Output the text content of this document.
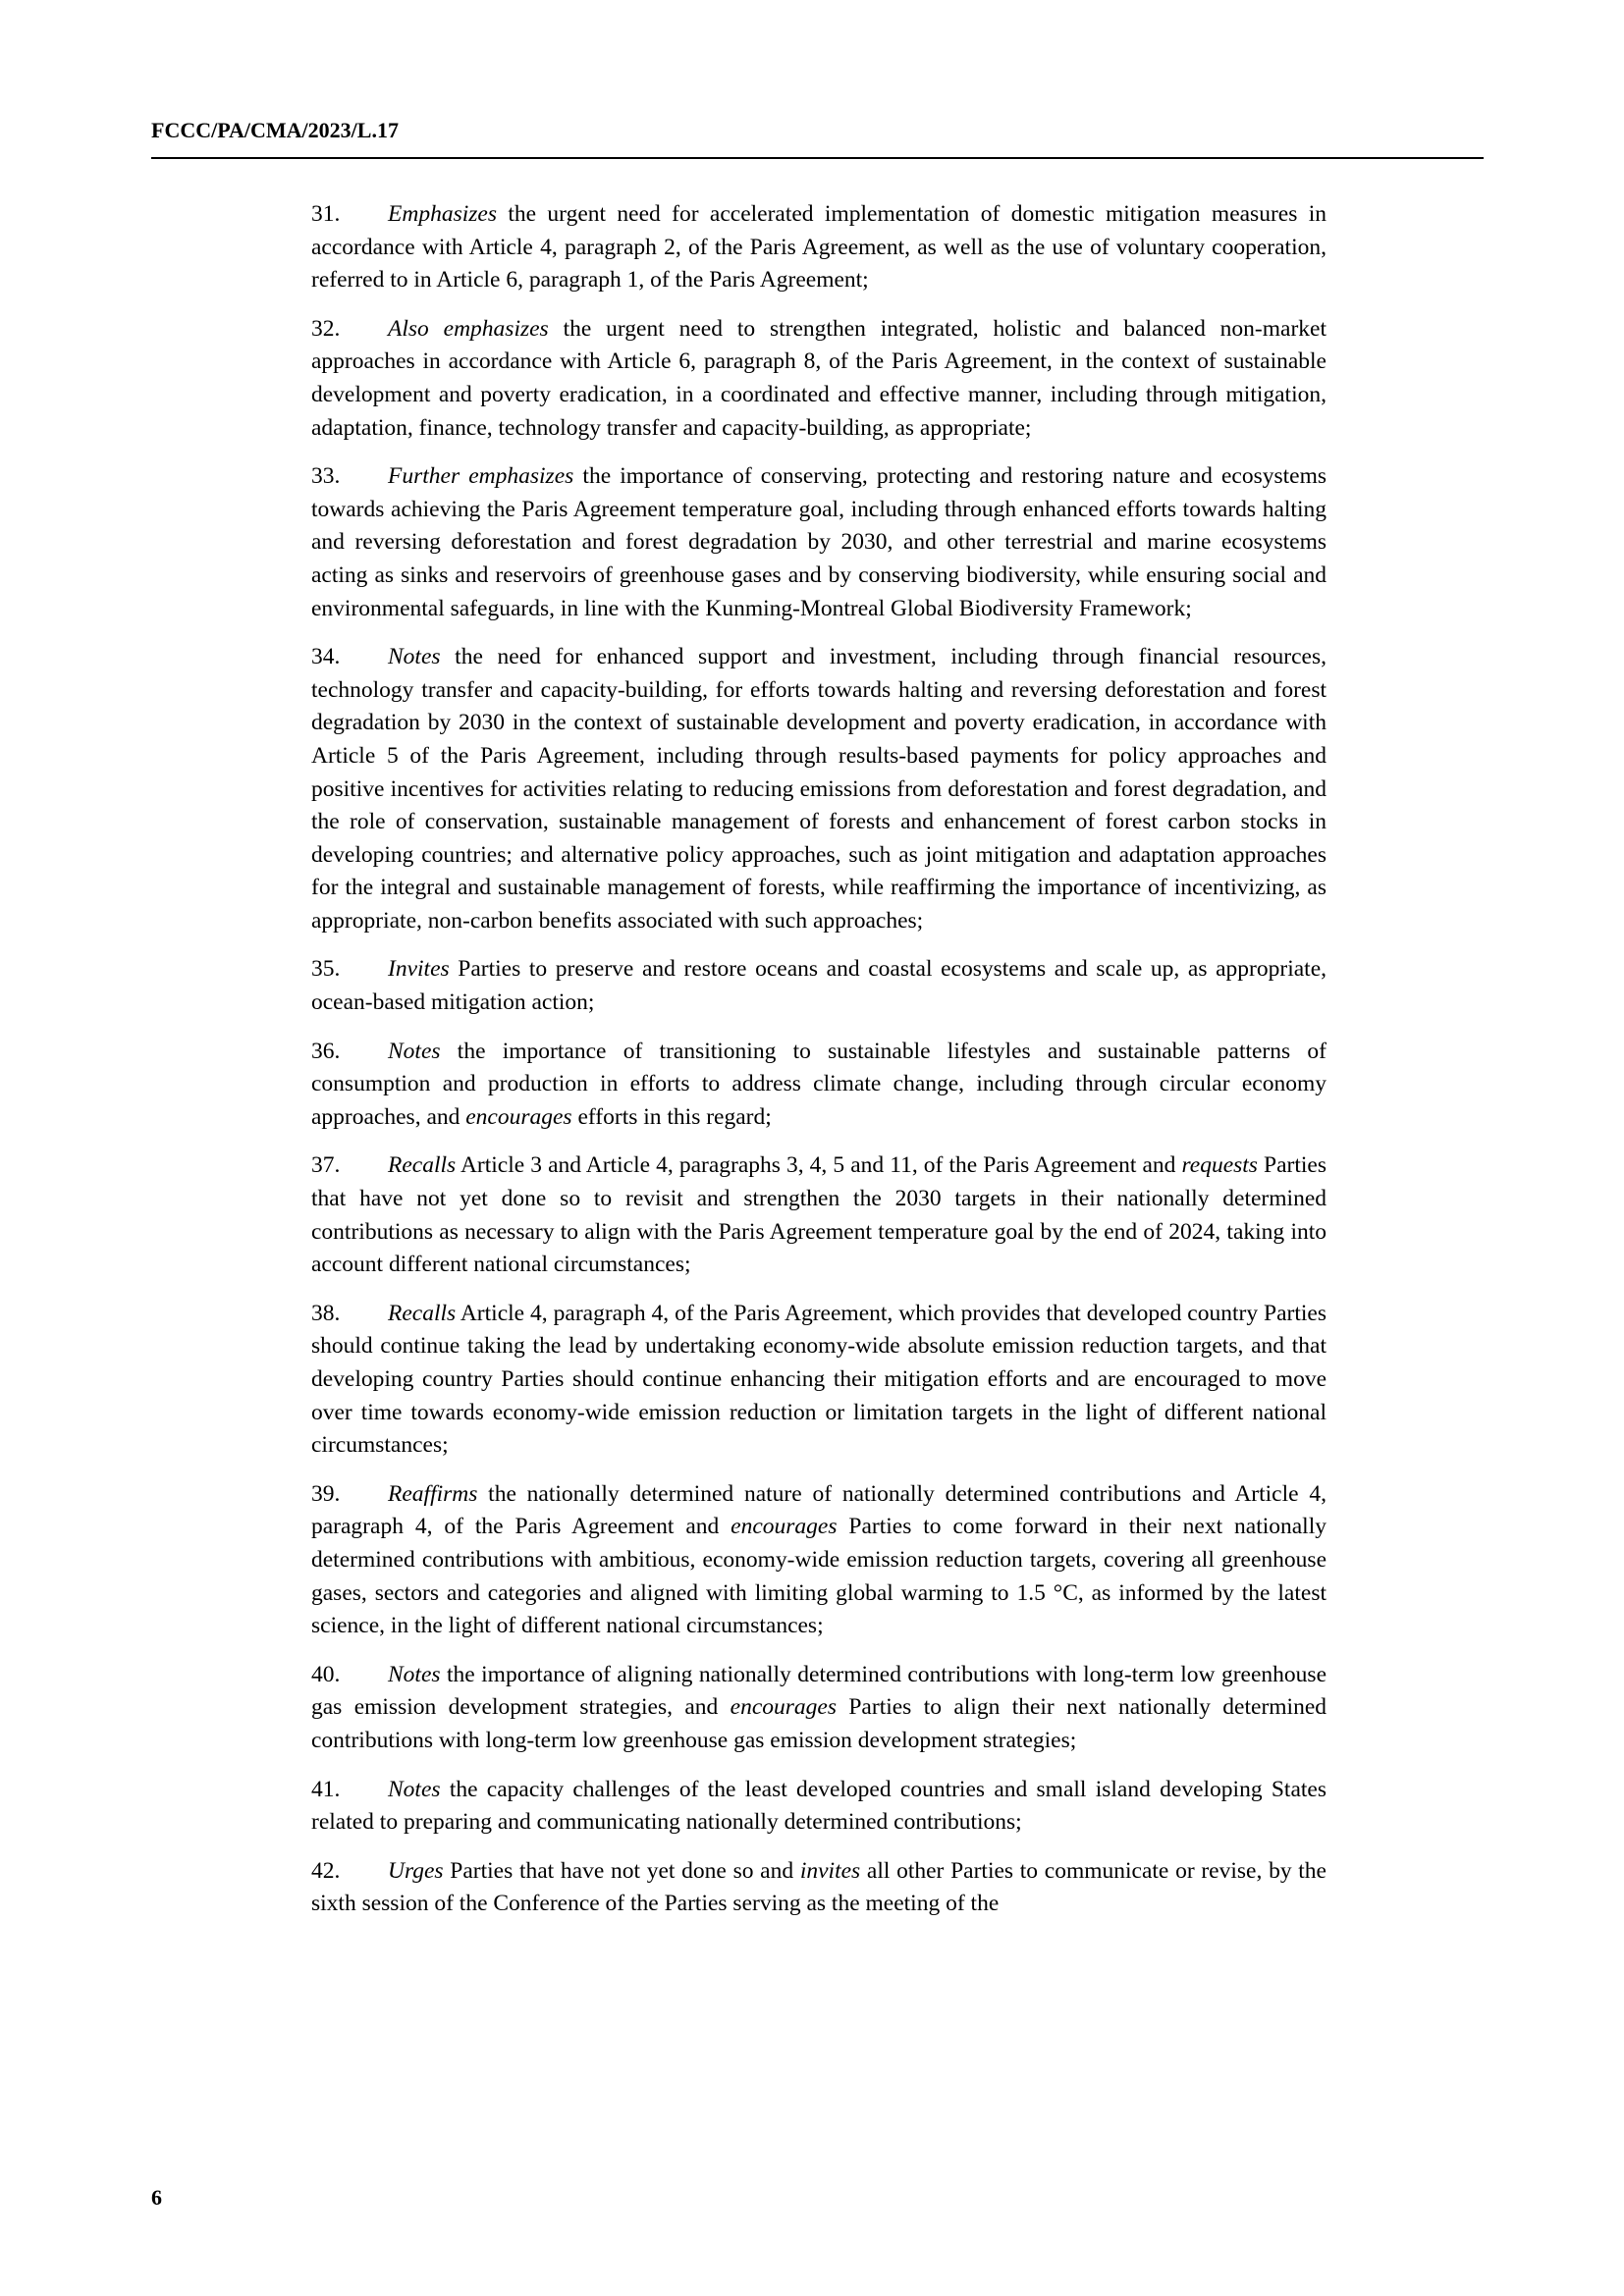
FCCC/PA/CMA/2023/L.17

31. Emphasizes the urgent need for accelerated implementation of domestic mitigation measures in accordance with Article 4, paragraph 2, of the Paris Agreement, as well as the use of voluntary cooperation, referred to in Article 6, paragraph 1, of the Paris Agreement;

32. Also emphasizes the urgent need to strengthen integrated, holistic and balanced non-market approaches in accordance with Article 6, paragraph 8, of the Paris Agreement, in the context of sustainable development and poverty eradication, in a coordinated and effective manner, including through mitigation, adaptation, finance, technology transfer and capacity-building, as appropriate;

33. Further emphasizes the importance of conserving, protecting and restoring nature and ecosystems towards achieving the Paris Agreement temperature goal, including through enhanced efforts towards halting and reversing deforestation and forest degradation by 2030, and other terrestrial and marine ecosystems acting as sinks and reservoirs of greenhouse gases and by conserving biodiversity, while ensuring social and environmental safeguards, in line with the Kunming-Montreal Global Biodiversity Framework;

34. Notes the need for enhanced support and investment, including through financial resources, technology transfer and capacity-building, for efforts towards halting and reversing deforestation and forest degradation by 2030 in the context of sustainable development and poverty eradication, in accordance with Article 5 of the Paris Agreement, including through results-based payments for policy approaches and positive incentives for activities relating to reducing emissions from deforestation and forest degradation, and the role of conservation, sustainable management of forests and enhancement of forest carbon stocks in developing countries; and alternative policy approaches, such as joint mitigation and adaptation approaches for the integral and sustainable management of forests, while reaffirming the importance of incentivizing, as appropriate, non-carbon benefits associated with such approaches;

35. Invites Parties to preserve and restore oceans and coastal ecosystems and scale up, as appropriate, ocean-based mitigation action;

36. Notes the importance of transitioning to sustainable lifestyles and sustainable patterns of consumption and production in efforts to address climate change, including through circular economy approaches, and encourages efforts in this regard;

37. Recalls Article 3 and Article 4, paragraphs 3, 4, 5 and 11, of the Paris Agreement and requests Parties that have not yet done so to revisit and strengthen the 2030 targets in their nationally determined contributions as necessary to align with the Paris Agreement temperature goal by the end of 2024, taking into account different national circumstances;

38. Recalls Article 4, paragraph 4, of the Paris Agreement, which provides that developed country Parties should continue taking the lead by undertaking economy-wide absolute emission reduction targets, and that developing country Parties should continue enhancing their mitigation efforts and are encouraged to move over time towards economy-wide emission reduction or limitation targets in the light of different national circumstances;

39. Reaffirms the nationally determined nature of nationally determined contributions and Article 4, paragraph 4, of the Paris Agreement and encourages Parties to come forward in their next nationally determined contributions with ambitious, economy-wide emission reduction targets, covering all greenhouse gases, sectors and categories and aligned with limiting global warming to 1.5 °C, as informed by the latest science, in the light of different national circumstances;

40. Notes the importance of aligning nationally determined contributions with long-term low greenhouse gas emission development strategies, and encourages Parties to align their next nationally determined contributions with long-term low greenhouse gas emission development strategies;

41. Notes the capacity challenges of the least developed countries and small island developing States related to preparing and communicating nationally determined contributions;

42. Urges Parties that have not yet done so and invites all other Parties to communicate or revise, by the sixth session of the Conference of the Parties serving as the meeting of the

6
